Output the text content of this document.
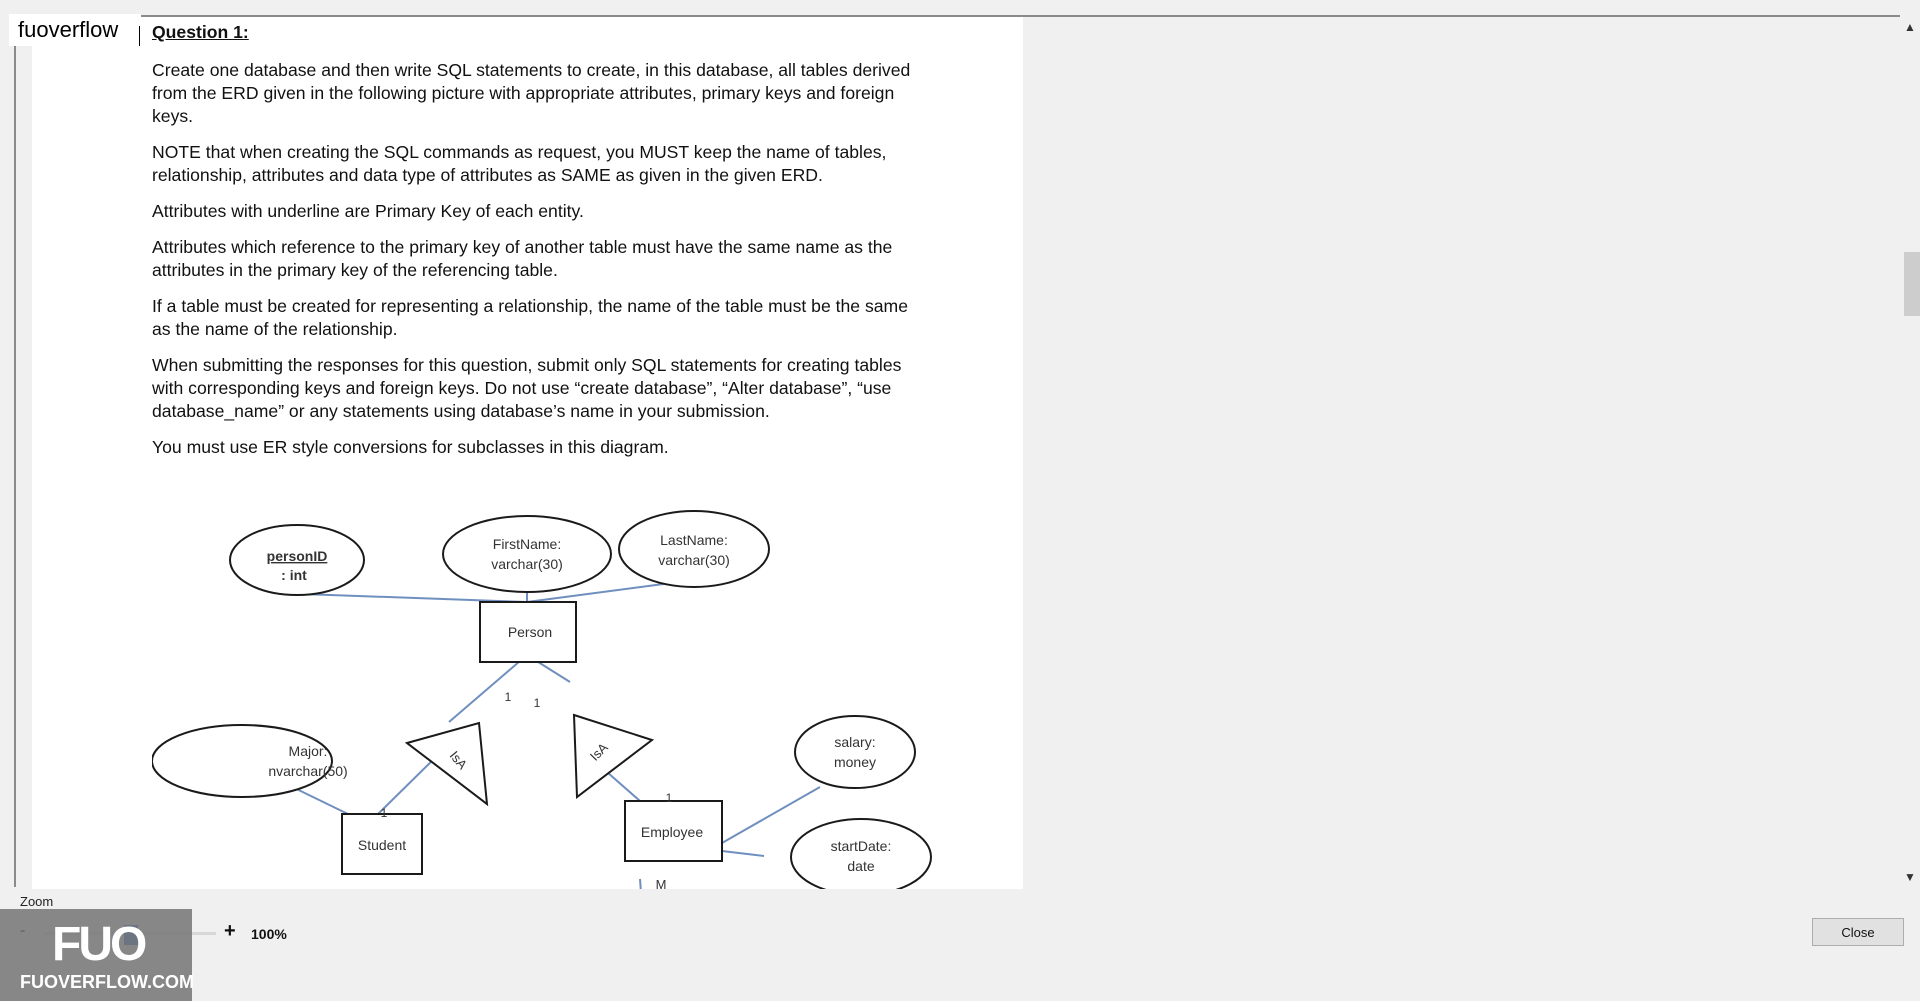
Question 1:

Create one database and then write SQL statements to create, in this database, all tables derived from the ERD given in the following picture with appropriate attributes, primary keys and foreign keys.

NOTE that when creating the SQL commands as request, you MUST keep the name of tables, relationship, attributes and data type of attributes as SAME as given in the given ERD.

Attributes with underline are Primary Key of each entity.

Attributes which reference to the primary key of another table must have the same name as the attributes in the primary key of the referencing table.

If a table must be created for representing a relationship, the name of the table must be the same as the name of the relationship.

When submitting the responses for this question, submit only SQL statements for creating tables with corresponding keys and foreign keys. Do not use “create database”, “Alter database”, “use database_name” or any statements using database’s name in your submission.

You must use ER style conversions for subclasses in this diagram.

personID
: int
FirstName:
varchar(30)
LastName:
varchar(30)
Person
1 1
Major:
nvarchar(50)	IsA	IsA	salary:
money
1
1
Student
Employee
startDate:
date
M
▲
▼
fuoverflow
Zoom
+ 100%
FUO
FUOVERFLOW.COM
Close
